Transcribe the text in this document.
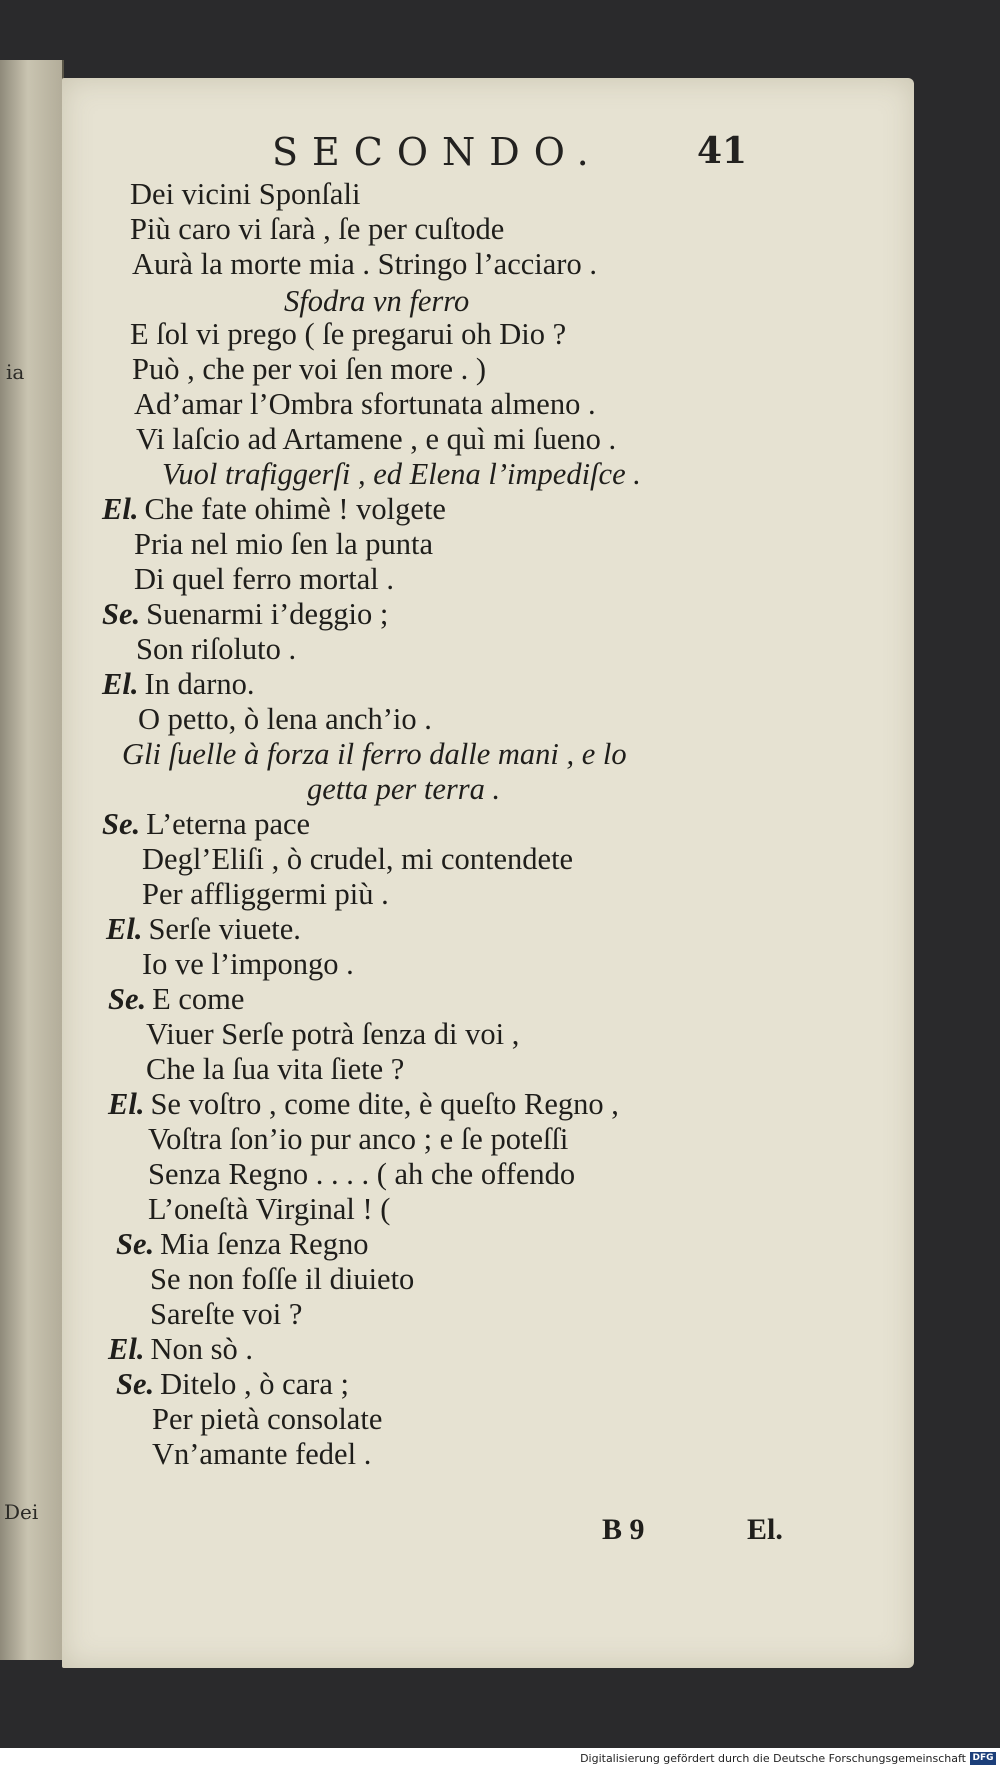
ia
Dei
SECONDO.	41
Dei vicini Sponſali
Più caro vi ſarà , ſe per cuſtode
Aurà la morte mia . Stringo l’acciaro .
Sfodra vn ferro
E ſol vi prego ( ſe pregarui oh Dio ?
Può , che per voi ſen more . )
Ad’amar l’Ombra sfortunata almeno .
Vi laſcio ad Artamene , e quì mi ſueno .
Vuol trafiggerſi , ed Elena l’impediſce .
El. Che fate ohimè ! volgete
Pria nel mio ſen la punta
Di quel ferro mortal .
Se. Suenarmi i’deggio ;
Son riſoluto .
El. In darno.
O petto, ò lena anch’io .
Gli ſuelle à forza il ferro dalle mani , e lo
getta per terra .
Se. L’eterna pace
Degl’Eliſi , ò crudel, mi contendete
Per affliggermi più .
El. Serſe viuete.
Io ve l’impongo .
Se. E come
Viuer Serſe potrà ſenza di voi ,
Che la ſua vita ſiete ?
El. Se voſtro , come dite, è queſto Regno ,
Voſtra ſon’io pur anco ; e ſe poteſſi
Senza Regno . . . . ( ah che offendo
L’oneſtà Virginal ! (
Se. Mia ſenza Regno
Se non foſſe il diuieto
Sareſte voi ?
El. Non sò .
Se. Ditelo , ò cara ;
Per pietà consolate
Vn’amante fedel .
B 9	El.
Digitalisierung gefördert durch die Deutsche Forschungsgemeinschaft DFG
